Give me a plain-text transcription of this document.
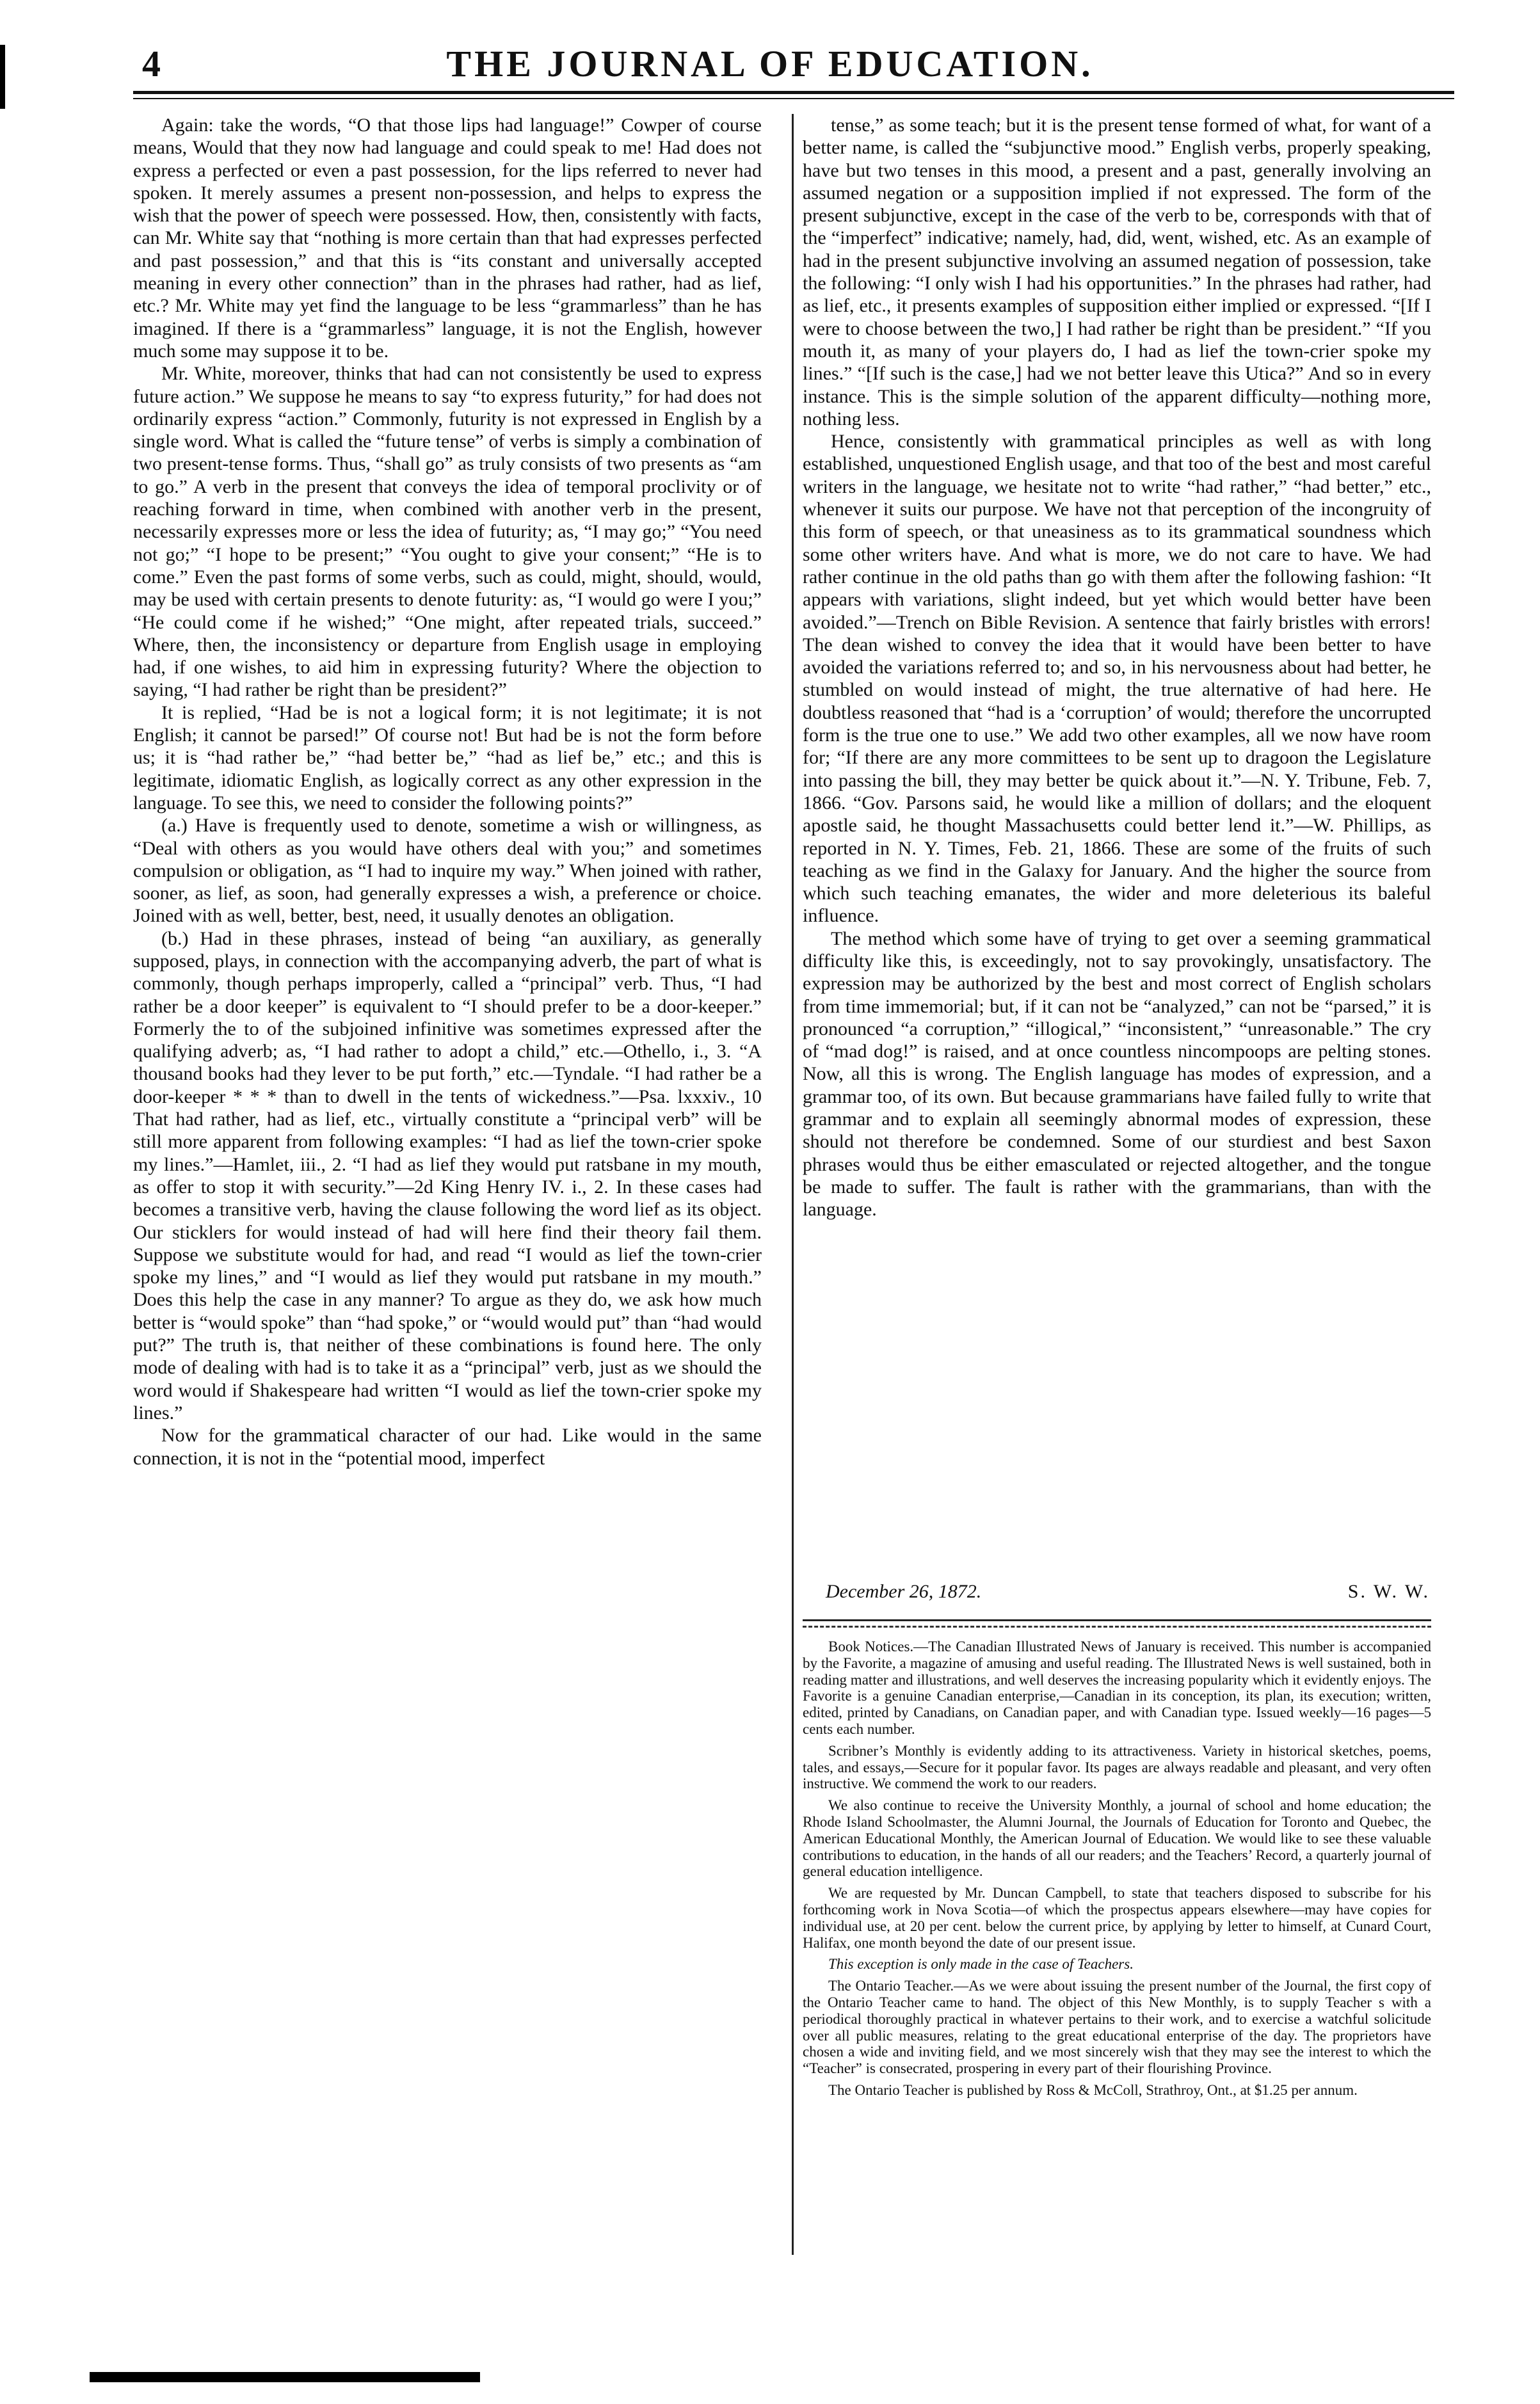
4	THE JOURNAL OF EDUCATION.

Again: take the words, “O that those lips had language!” Cowper of course means, Would that they now had language and could speak to me! Had does not express a perfected or even a past possession, for the lips referred to never had spoken. It merely assumes a present non-possession, and helps to express the wish that the power of speech were possessed. How, then, consistently with facts, can Mr. White say that “nothing is more certain than that had expresses perfected and past possession,” and that this is “its constant and universally accepted meaning in every other connection” than in the phrases had rather, had as lief, etc.? Mr. White may yet find the language to be less “grammarless” than he has imagined. If there is a “grammarless” language, it is not the English, however much some may suppose it to be.

Mr. White, moreover, thinks that had can not consistently be used to express future action.” We suppose he means to say “to express futurity,” for had does not ordinarily express “action.” Commonly, futurity is not expressed in English by a single word. What is called the “future tense” of verbs is simply a combination of two present-tense forms. Thus, “shall go” as truly consists of two presents as “am to go.” A verb in the present that conveys the idea of temporal proclivity or of reaching forward in time, when combined with another verb in the present, necessarily expresses more or less the idea of futurity; as, “I may go;” “You need not go;” “I hope to be present;” “You ought to give your consent;” “He is to come.” Even the past forms of some verbs, such as could, might, should, would, may be used with certain presents to denote futurity: as, “I would go were I you;” “He could come if he wished;” “One might, after repeated trials, succeed.” Where, then, the inconsistency or departure from English usage in employing had, if one wishes, to aid him in expressing futurity? Where the objection to saying, “I had rather be right than be president?”

It is replied, “Had be is not a logical form; it is not legitimate; it is not English; it cannot be parsed!” Of course not! But had be is not the form before us; it is “had rather be,” “had better be,” “had as lief be,” etc.; and this is legitimate, idiomatic English, as logically correct as any other expression in the language. To see this, we need to consider the following points?”

(a.) Have is frequently used to denote, sometime a wish or willingness, as “Deal with others as you would have others deal with you;” and sometimes compulsion or obligation, as “I had to inquire my way.” When joined with rather, sooner, as lief, as soon, had generally expresses a wish, a preference or choice. Joined with as well, better, best, need, it usually denotes an obligation.

(b.) Had in these phrases, instead of being “an auxiliary, as generally supposed, plays, in connection with the accompanying adverb, the part of what is commonly, though perhaps improperly, called a “principal” verb. Thus, “I had rather be a door keeper” is equivalent to “I should prefer to be a door-keeper.” Formerly the to of the subjoined infinitive was sometimes expressed after the qualifying adverb; as, “I had rather to adopt a child,” etc.—Othello, i., 3. “A thousand books had they lever to be put forth,” etc.—Tyndale. “I had rather be a door-keeper * * * than to dwell in the tents of wickedness.”—Psa. lxxxiv., 10 That had rather, had as lief, etc., virtually constitute a “principal verb” will be still more apparent from following examples: “I had as lief the town-crier spoke my lines.”—Hamlet, iii., 2. “I had as lief they would put ratsbane in my mouth, as offer to stop it with security.”—2d King Henry IV. i., 2. In these cases had becomes a transitive verb, having the clause following the word lief as its object. Our sticklers for would instead of had will here find their theory fail them. Suppose we substitute would for had, and read “I would as lief the town-crier spoke my lines,” and “I would as lief they would put ratsbane in my mouth.” Does this help the case in any manner? To argue as they do, we ask how much better is “would spoke” than “had spoke,” or “would would put” than “had would put?” The truth is, that neither of these combinations is found here. The only mode of dealing with had is to take it as a “principal” verb, just as we should the word would if Shakespeare had written “I would as lief the town-crier spoke my lines.”

Now for the grammatical character of our had. Like would in the same connection, it is not in the “potential mood, imperfect

tense,” as some teach; but it is the present tense formed of what, for want of a better name, is called the “subjunctive mood.” English verbs, properly speaking, have but two tenses in this mood, a present and a past, generally involving an assumed negation or a supposition implied if not expressed. The form of the present subjunctive, except in the case of the verb to be, corresponds with that of the “imperfect” indicative; namely, had, did, went, wished, etc. As an example of had in the present subjunctive involving an assumed negation of possession, take the following: “I only wish I had his opportunities.” In the phrases had rather, had as lief, etc., it presents examples of supposition either implied or expressed. “[If I were to choose between the two,] I had rather be right than be president.” “If you mouth it, as many of your players do, I had as lief the town-crier spoke my lines.” “[If such is the case,] had we not better leave this Utica?” And so in every instance. This is the simple solution of the apparent difficulty—nothing more, nothing less.

Hence, consistently with grammatical principles as well as with long established, unquestioned English usage, and that too of the best and most careful writers in the language, we hesitate not to write “had rather,” “had better,” etc., whenever it suits our purpose. We have not that perception of the incongruity of this form of speech, or that uneasiness as to its grammatical soundness which some other writers have. And what is more, we do not care to have. We had rather continue in the old paths than go with them after the following fashion: “It appears with variations, slight indeed, but yet which would better have been avoided.”—Trench on Bible Revision. A sentence that fairly bristles with errors! The dean wished to convey the idea that it would have been better to have avoided the variations referred to; and so, in his nervousness about had better, he stumbled on would instead of might, the true alternative of had here. He doubtless reasoned that “had is a ‘corruption’ of would; therefore the uncorrupted form is the true one to use.” We add two other examples, all we now have room for; “If there are any more committees to be sent up to dragoon the Legislature into passing the bill, they may better be quick about it.”—N. Y. Tribune, Feb. 7, 1866. “Gov. Parsons said, he would like a million of dollars; and the eloquent apostle said, he thought Massachusetts could better lend it.”—W. Phillips, as reported in N. Y. Times, Feb. 21, 1866. These are some of the fruits of such teaching as we find in the Galaxy for January. And the higher the source from which such teaching emanates, the wider and more deleterious its baleful influence.

The method which some have of trying to get over a seeming grammatical difficulty like this, is exceedingly, not to say provokingly, unsatisfactory. The expression may be authorized by the best and most correct of English scholars from time immemorial; but, if it can not be “analyzed,” can not be “parsed,” it is pronounced “a corruption,” “illogical,” “inconsistent,” “unreasonable.” The cry of “mad dog!” is raised, and at once countless nincompoops are pelting stones. Now, all this is wrong. The English language has modes of expression, and a grammar too, of its own. But because grammarians have failed fully to write that grammar and to explain all seemingly abnormal modes of expression, these should not therefore be condemned. Some of our sturdiest and best Saxon phrases would thus be either emasculated or rejected altogether, and the tongue be made to suffer. The fault is rather with the grammarians, than with the language.

December 26, 1872.	S. W. W.

Book Notices.—The Canadian Illustrated News of January is received. This number is accompanied by the Favorite, a magazine of amusing and useful reading. The Illustrated News is well sustained, both in reading matter and illustrations, and well deserves the increasing popularity which it evidently enjoys. The Favorite is a genuine Canadian enterprise,—Canadian in its conception, its plan, its execution; written, edited, printed by Canadians, on Canadian paper, and with Canadian type. Issued weekly—16 pages—5 cents each number.

Scribner’s Monthly is evidently adding to its attractiveness. Variety in historical sketches, poems, tales, and essays,—Secure for it popular favor. Its pages are always readable and pleasant, and very often instructive. We commend the work to our readers.

We also continue to receive the University Monthly, a journal of school and home education; the Rhode Island Schoolmaster, the Alumni Journal, the Journals of Education for Toronto and Quebec, the American Educational Monthly, the American Journal of Education. We would like to see these valuable contributions to education, in the hands of all our readers; and the Teachers’ Record, a quarterly journal of general education intelligence.

We are requested by Mr. Duncan Campbell, to state that teachers disposed to subscribe for his forthcoming work in Nova Scotia—of which the prospectus appears elsewhere—may have copies for individual use, at 20 per cent. below the current price, by applying by letter to himself, at Cunard Court, Halifax, one month beyond the date of our present issue.

This exception is only made in the case of Teachers.

The Ontario Teacher.—As we were about issuing the present number of the Journal, the first copy of the Ontario Teacher came to hand. The object of this New Monthly, is to supply Teacher s with a periodical thoroughly practical in whatever pertains to their work, and to exercise a watchful solicitude over all public measures, relating to the great educational enterprise of the day. The proprietors have chosen a wide and inviting field, and we most sincerely wish that they may see the interest to which the “Teacher” is consecrated, prospering in every part of their flourishing Province.

The Ontario Teacher is published by Ross & McColl, Strathroy, Ont., at $1.25 per annum.
